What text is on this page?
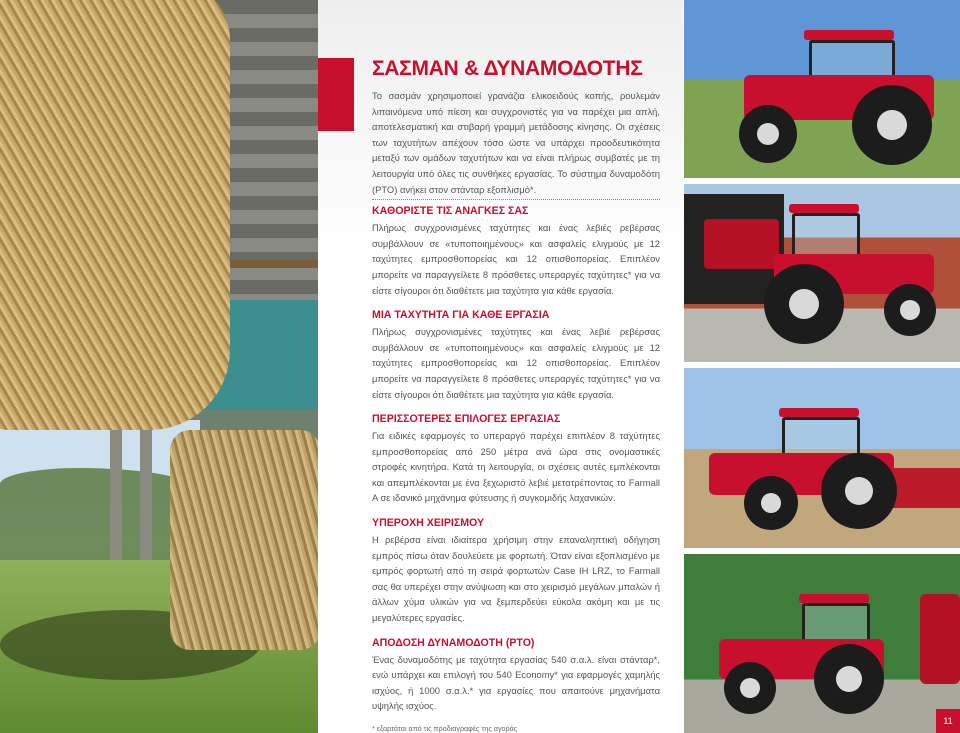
ΣΑΣΜΑΝ & ΔΥΝΑΜΟΔΟΤΗΣ

Το σασμάν χρησιμοποιεί γρανάζια ελικοειδούς κοπής, ρουλεμάν λιπαινόμενα υπό πίεση και συγχρονιστές για να παρέχει μια απλή, αποτελεσματική και στιβαρή γραμμή μετάδοσης κίνησης. Οι σχέσεις των ταχυτήτων απέχουν τόσο ώστε να υπάρχει προοδευτικότητα μεταξύ των ομάδων ταχυτήτων και να είναι πλήρως συμβατές με τη λειτουργία υπό όλες τις συνθήκες εργασίας. Το σύστημα δυναμοδότη (PTO) ανήκει στον στάνταρ εξοπλισμό*.

ΚΑΘΟΡΙΣΤΕ ΤΙΣ ΑΝΑΓΚΕΣ ΣΑΣ

Πλήρως συγχρονισμένες ταχύτητες και ένας λεβιές ρεβέρσας συμβάλλουν σε «τυποποιημένους» και ασφαλείς ελιγμούς με 12 ταχύτητες εμπροσθοπορείας και 12 οπισθοπορείας. Επιπλέον μπορείτε να παραγγείλετε 8 πρόσθετες υπεραργές ταχύτητες* για να είστε σίγουροι ότι διαθέτετε μια ταχύτητα για κάθε εργασία.

ΜΙΑ ΤΑΧΥΤΗΤΑ ΓΙΑ ΚΑΘΕ ΕΡΓΑΣΙΑ

Πλήρως συγχρονισμένες ταχύτητες και ένας λεβιέ ρεβέρσας συμβάλλουν σε «τυποποιημένους» και ασφαλείς ελιγμούς με 12 ταχύτητες εμπροσθοπορείας και 12 οπισθοπορείας. Επιπλέον μπορείτε να παραγγείλετε 8 πρόσθετες υπεραργές ταχύτητες* για να είστε σίγουροι ότι διαθέτετε μια ταχύτητα για κάθε εργασία.

ΠΕΡΙΣΣΟΤΕΡΕΣ ΕΠΙΛΟΓΕΣ ΕΡΓΑΣΙΑΣ

Για ειδικές εφαρμογές το υπεραργό παρέχει επιπλέον 8 ταχύτητες εμπροσθοπορείας από 250 μέτρα ανά ώρα στις ονομαστικές στροφές κινητήρα. Κατά τη λειτουργία, οι σχέσεις αυτές εμπλέκονται και απεμπλέκονται με ένα ξεχωριστό λεβιέ μετατρέποντας το Farmall A σε ιδανικό μηχάνημα φύτευσης ή συγκομιδής λαχανικών.

ΥΠΕΡΟΧΗ ΧΕΙΡΙΣΜΟΥ

Η ρεβέρσα είναι ιδιαίτερα χρήσιμη στην επαναληπτική οδήγηση εμπρός πίσω όταν δουλεύετε με φορτωτή. Όταν είναι εξοπλισμένο με εμπρός φορτωτή από τη σειρά φορτωτών Case IH LRZ, το Farmall σας θα υπερέχει στην ανύψωση και στο χειρισμό μεγάλων μπαλών ή άλλων χύμα υλικών για να ξεμπερδεύει εύκολα ακόμη και με τις μεγαλύτερες εργασίες.

ΑΠΟΔΟΣΗ ΔΥΝΑΜΟΔΟΤΗ (PTO)

Ένας δυναμοδότης με ταχύτητα εργασίας 540 σ.α.λ. είναι στάνταρ*, ενώ υπάρχει και επιλογή του 540 Economy* για εφαρμογές χαμηλής ισχύος, ή 1000 σ.α.λ.* για εργασίες που απαιτούνε μηχανήματα υψηλής ισχύος.

* εξαρτάται από τις προδιαγραφές της αγοράς
11
